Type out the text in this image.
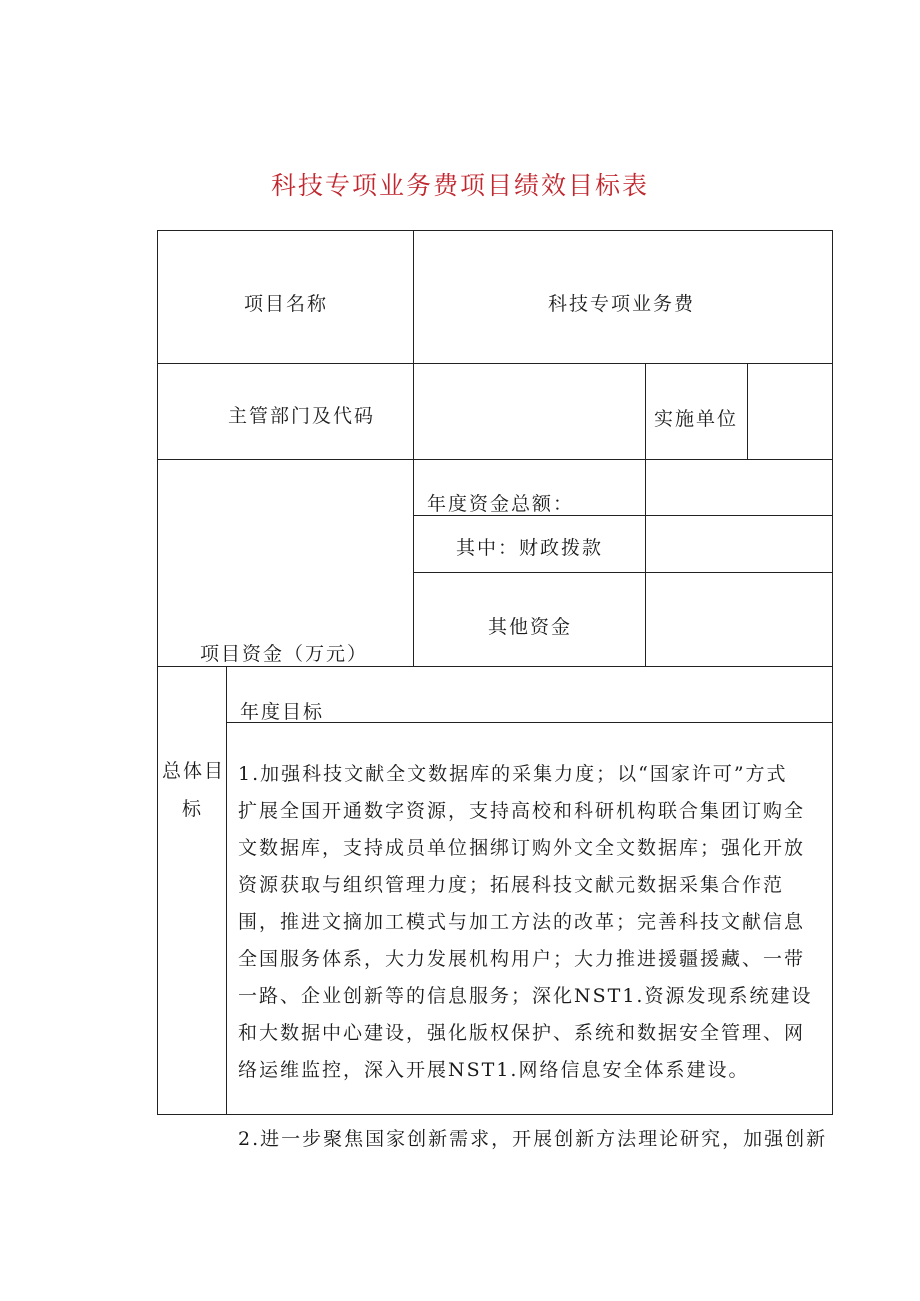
科技专项业务费项目绩效目标表
项目名称	科技专项业务费
主管部门及代码	实施单位
项目资金（万元）
年度资金总额：
其中：财政拨款
其他资金
总体目
标
年度目标
1.加强科技文献全文数据库的采集力度；以“国家许可”方式
扩展全国开通数字资源，支持高校和科研机构联合集团订购全
文数据库，支持成员单位捆绑订购外文全文数据库；强化开放
资源获取与组织管理力度；拓展科技文献元数据采集合作范
围，推进文摘加工模式与加工方法的改革；完善科技文献信息
全国服务体系，大力发展机构用户；大力推进援疆援藏、一带
一路、企业创新等的信息服务；深化NST1.资源发现系统建设
和大数据中心建设，强化版权保护、系统和数据安全管理、网
络运维监控，深入开展NST1.网络信息安全体系建设。
2.进一步聚焦国家创新需求，开展创新方法理论研究，加强创新
